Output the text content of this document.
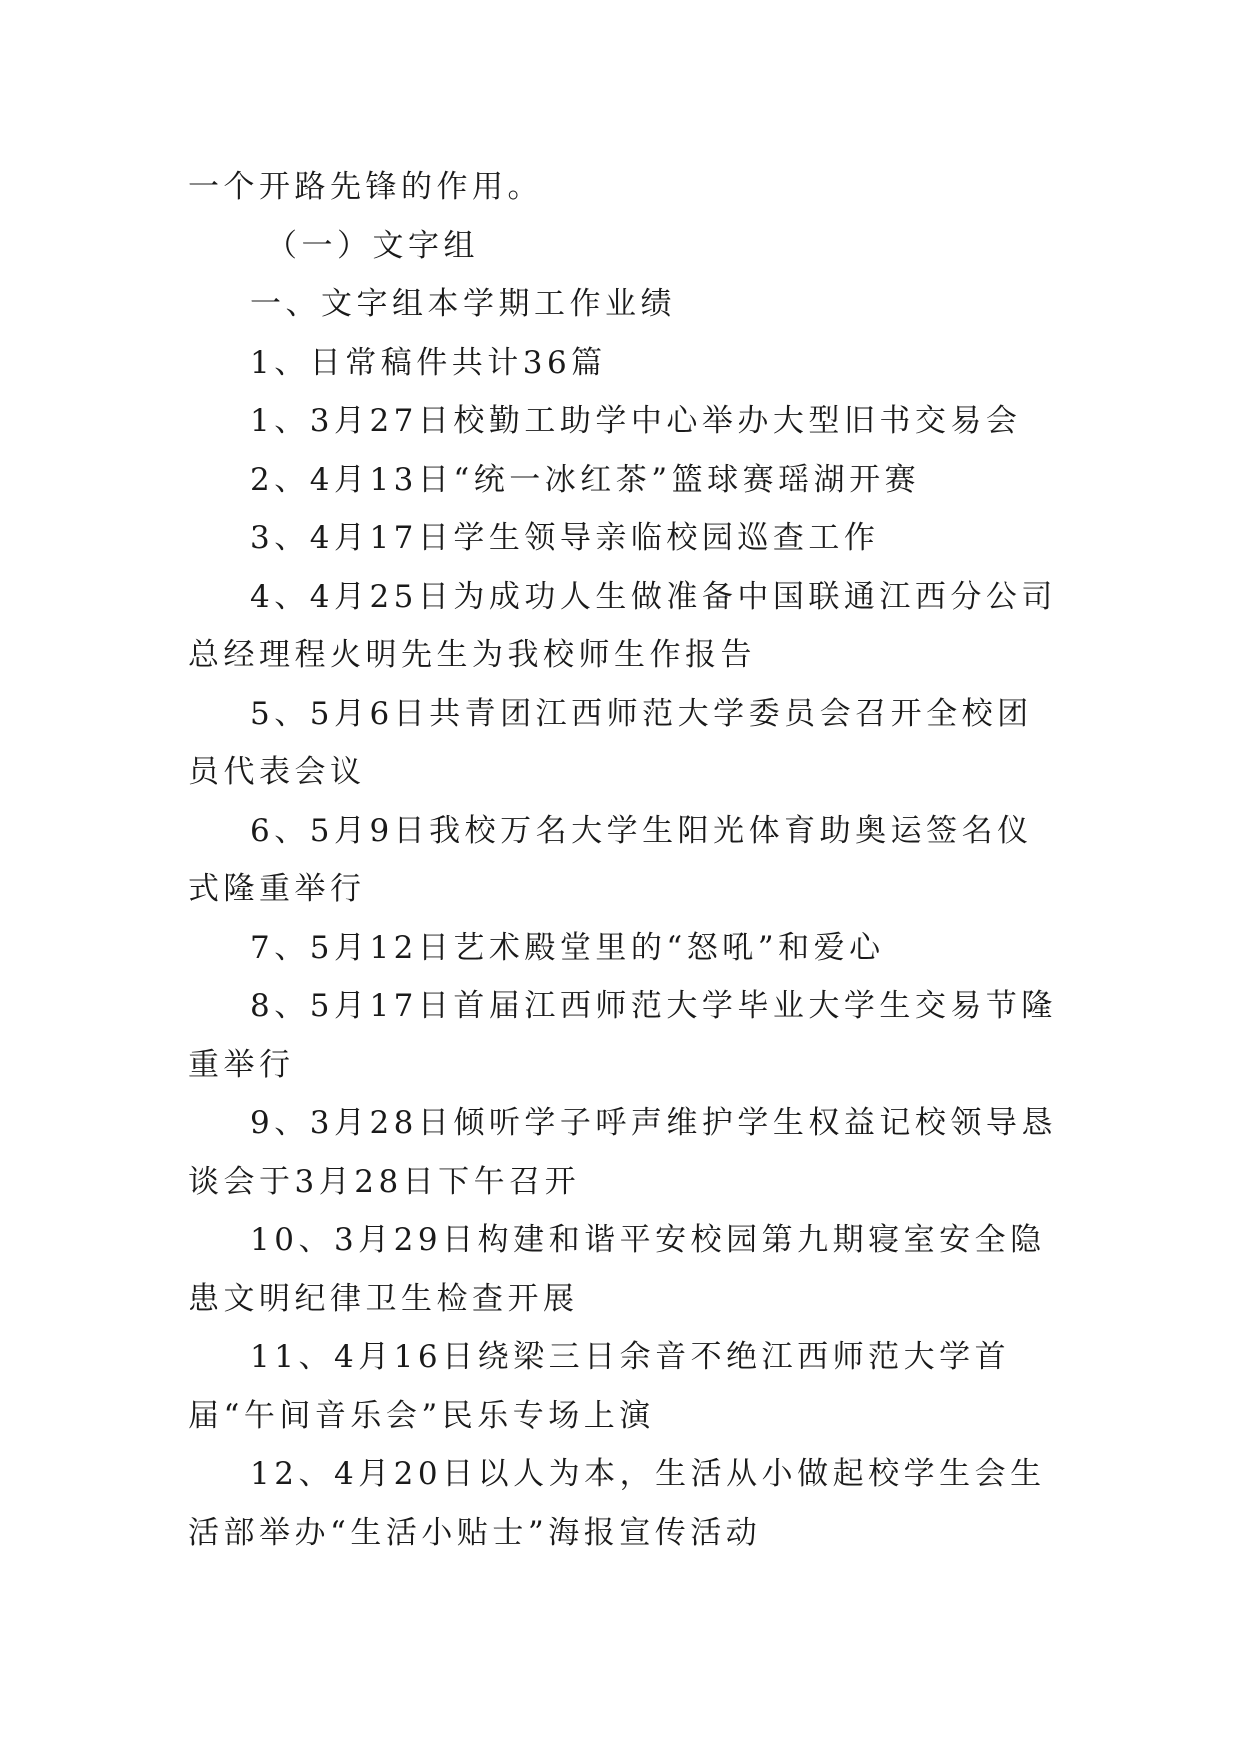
一个开路先锋的作用。

（一）文字组

一、文字组本学期工作业绩

1、日常稿件共计36篇

1、3月27日校勤工助学中心举办大型旧书交易会

2、4月13日“统一冰红茶”篮球赛瑶湖开赛

3、4月17日学生领导亲临校园巡查工作

4、4月25日为成功人生做准备中国联通江西分公司总经理程火明先生为我校师生作报告

5、5月6日共青团江西师范大学委员会召开全校团员代表会议

6、5月9日我校万名大学生阳光体育助奥运签名仪式隆重举行

7、5月12日艺术殿堂里的“怒吼”和爱心

8、5月17日首届江西师范大学毕业大学生交易节隆重举行

9、3月28日倾听学子呼声维护学生权益记校领导恳谈会于3月28日下午召开

10、3月29日构建和谐平安校园第九期寝室安全隐患文明纪律卫生检查开展

11、4月16日绕梁三日余音不绝江西师范大学首届“午间音乐会”民乐专场上演

12、4月20日以人为本，生活从小做起校学生会生活部举办“生活小贴士”海报宣传活动
